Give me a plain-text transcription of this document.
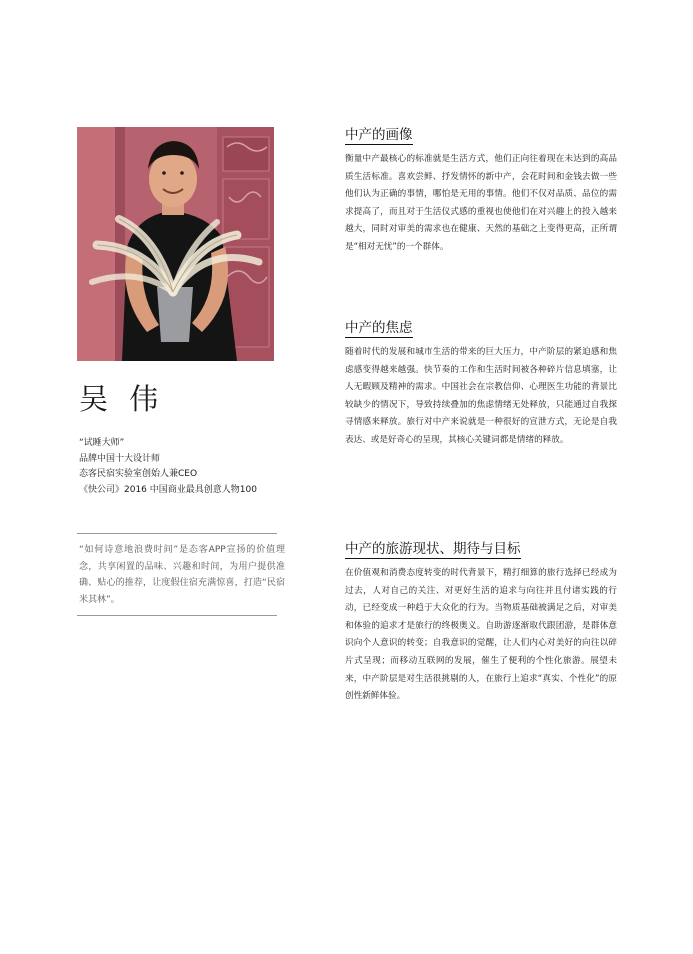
吴 伟
“试睡大师”
品牌中国十大设计师
态客民宿实验室创始人兼CEO
《快公司》2016 中国商业最具创意人物100

“如何诗意地浪费时间”是态客APP宣扬的价值理念，共享闲置的品味、兴趣和时间，为用户提供准确、贴心的推荐，让度假住宿充满惊喜，打造“民宿米其林”。

中产的画像

衡量中产最核心的标准就是生活方式，他们正向往着现在未达到的高品质生活标准。喜欢尝鲜、抒发情怀的新中产，会花时间和金钱去做一些他们认为正确的事情，哪怕是无用的事情。他们不仅对品质、品位的需求提高了，而且对于生活仪式感的重视也使他们在对兴趣上的投入越来越大，同时对审美的需求也在健康、天然的基础之上变得更高，正所谓是“相对无忧”的一个群体。

中产的焦虑

随着时代的发展和城市生活的带来的巨大压力，中产阶层的紧迫感和焦虑感变得越来越强。快节奏的工作和生活时间被各种碎片信息填塞，让人无暇顾及精神的需求。中国社会在宗教信仰、心理医生功能的背景比较缺少的情况下，导致持续叠加的焦虑情绪无处释放，只能通过自我探寻情感来释放。旅行对中产来说就是一种很好的宣泄方式，无论是自我表达、或是好奇心的呈现，其核心关键词都是情绪的释放。

中产的旅游现状、期待与目标

在价值观和消费态度转变的时代背景下，精打细算的旅行选择已经成为过去，人对自己的关注、对更好生活的追求与向往并且付诸实践的行动，已经变成一种趋于大众化的行为。当物质基础被满足之后，对审美和体验的追求才是旅行的终极奥义。自助游逐渐取代跟团游，是群体意识向个人意识的转变；自我意识的觉醒，让人们内心对美好的向往以碎片式呈现；而移动互联网的发展，催生了便利的个性化旅游。展望未来，中产阶层是对生活很挑剔的人，在旅行上追求“真实、个性化”的原创性新鲜体验。
